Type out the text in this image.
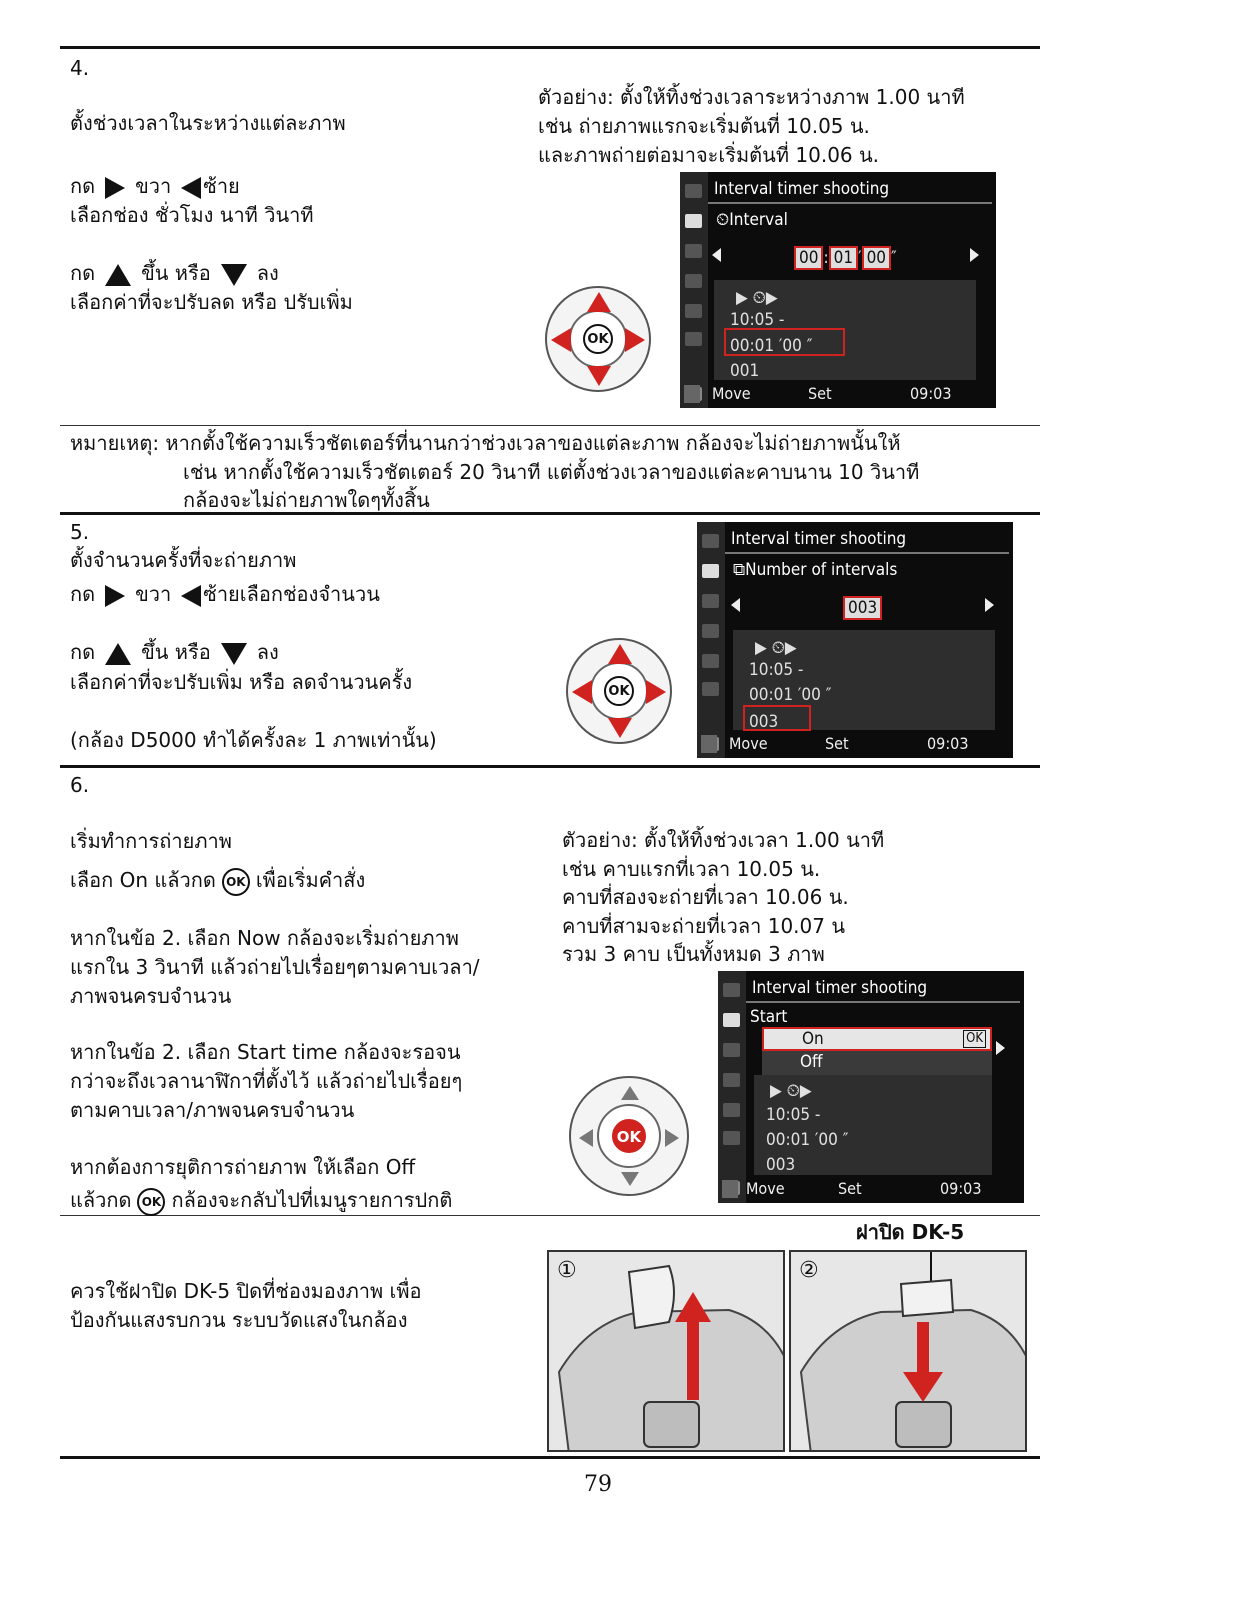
4.
ตั้งช่วงเวลาในระหว่างแต่ละภาพ
กด ขวา ซ้าย
เลือกช่อง ชั่วโมง นาที วินาที
กด ขึ้น หรือ ลง
เลือกค่าที่จะปรับลด หรือ ปรับเพิ่ม
ตัวอย่าง: ตั้งให้ทิ้งช่วงเวลาระหว่างภาพ 1.00 นาที
เช่น ถ่ายภาพแรกจะเริ่มต้นที่ 10.05 น.
และภาพถ่ายต่อมาจะเริ่มต้นที่ 10.06 น.
OK
Interval timer shooting
⏲Interval
00 : 01 ′ 00 ″
▶ ⏲▶
10:05 -
00:01 ′00 ″
001
Move	Set	09:03
หมายเหตุ: หากตั้งใช้ความเร็วชัตเตอร์ที่นานกว่าช่วงเวลาของแต่ละภาพ กล้องจะไม่ถ่ายภาพนั้นให้
เช่น หากตั้งใช้ความเร็วชัตเตอร์ 20 วินาที แต่ตั้งช่วงเวลาของแต่ละคาบนาน 10 วินาที
กล้องจะไม่ถ่ายภาพใดๆทั้งสิ้น
5.
ตั้งจำนวนครั้งที่จะถ่ายภาพ
กด ขวา ซ้ายเลือกช่องจำนวน
กด ขึ้น หรือ ลง
เลือกค่าที่จะปรับเพิ่ม หรือ ลดจำนวนครั้ง
(กล้อง D5000 ทำได้ครั้งละ 1 ภาพเท่านั้น)
OK
Interval timer shooting
⧉Number of intervals
003
▶ ⏲▶
10:05 -
00:01 ′00 ″
003
Move	Set	09:03
6.
เริ่มทำการถ่ายภาพ
เลือก On แล้วกด OK เพื่อเริ่มคำสั่ง
หากในข้อ 2. เลือก Now กล้องจะเริ่มถ่ายภาพ
แรกใน 3 วินาที แล้วถ่ายไปเรื่อยๆตามคาบเวลา/
ภาพจนครบจำนวน
หากในข้อ 2. เลือก Start time กล้องจะรอจน
กว่าจะถึงเวลานาฬิกาที่ตั้งไว้ แล้วถ่ายไปเรื่อยๆ
ตามคาบเวลา/ภาพจนครบจำนวน
หากต้องการยุติการถ่ายภาพ ให้เลือก Off
แล้วกด OK กล้องจะกลับไปที่เมนูรายการปกติ
ตัวอย่าง: ตั้งให้ทิ้งช่วงเวลา 1.00 นาที
เช่น คาบแรกที่เวลา 10.05 น.
คาบที่สองจะถ่ายที่เวลา 10.06 น.
คาบที่สามจะถ่ายที่เวลา 10.07 น
รวม 3 คาบ เป็นทั้งหมด 3 ภาพ
OK
Interval timer shooting
Start
On	OK
Off
▶ ⏲▶
10:05 -
00:01 ′00 ″
003
Move	Set	09:03
ควรใช้ฝาปิด DK-5 ปิดที่ช่องมองภาพ เพื่อ
ป้องกันแสงรบกวน ระบบวัดแสงในกล้อง
ฝาปิด DK-5
①	②
79
